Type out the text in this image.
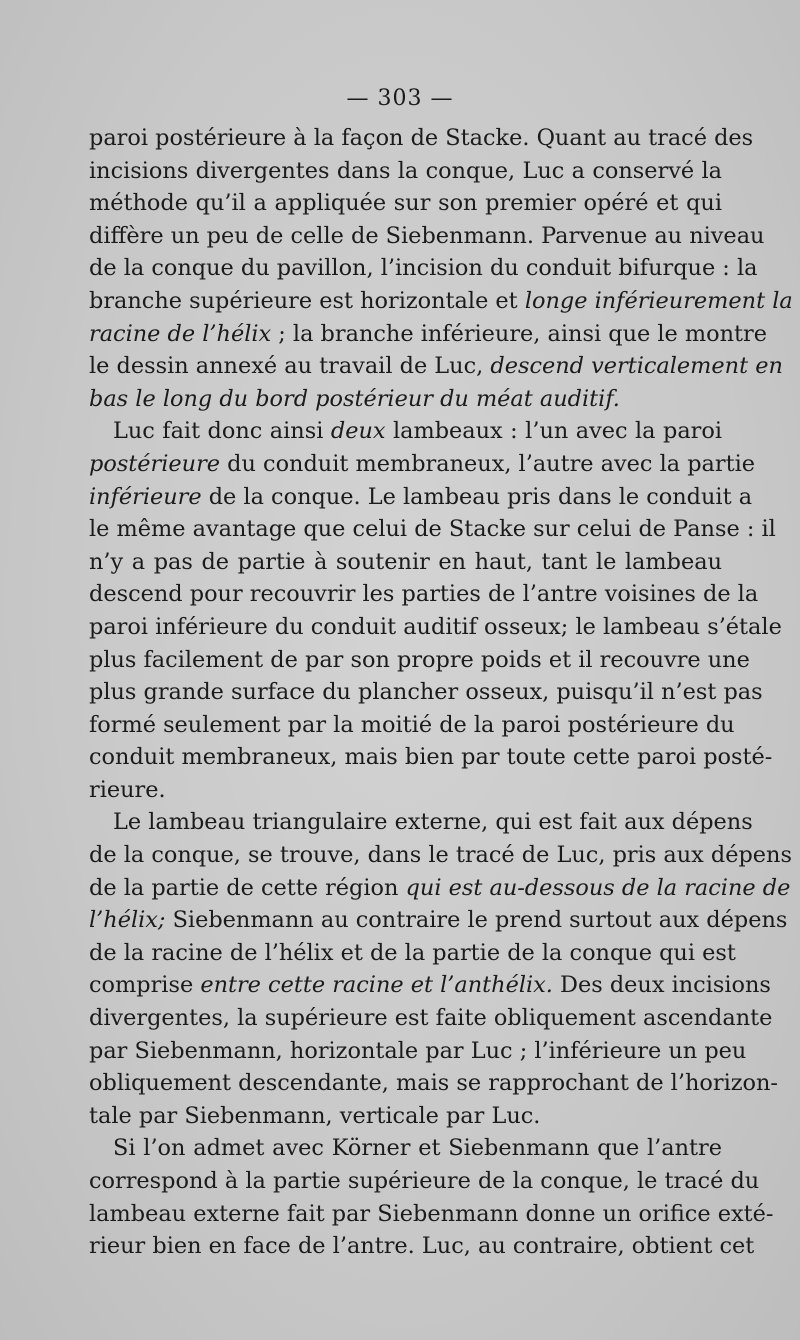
— 303 —
paroi postérieure à la façon de Stacke. Quant au tracé des
incisions divergentes dans la conque, Luc a conservé la
méthode qu’il a appliquée sur son premier opéré et qui
diffère un peu de celle de Siebenmann. Parvenue au niveau
de la conque du pavillon, l’incision du conduit bifurque : la
branche supérieure est horizontale et longe inférieurement la
racine de l’hélix ; la branche inférieure, ainsi que le montre
le dessin annexé au travail de Luc, descend verticalement en
bas le long du bord postérieur du méat auditif.
Luc fait donc ainsi deux lambeaux : l’un avec la paroi
postérieure du conduit membraneux, l’autre avec la partie
inférieure de la conque. Le lambeau pris dans le conduit a
le même avantage que celui de Stacke sur celui de Panse : il
n’y a pas de partie à soutenir en haut, tant le lambeau
descend pour recouvrir les parties de l’antre voisines de la
paroi inférieure du conduit auditif osseux; le lambeau s’étale
plus facilement de par son propre poids et il recouvre une
plus grande surface du plancher osseux, puisqu’il n’est pas
formé seulement par la moitié de la paroi postérieure du
conduit membraneux, mais bien par toute cette paroi posté-
rieure.
Le lambeau triangulaire externe, qui est fait aux dépens
de la conque, se trouve, dans le tracé de Luc, pris aux dépens
de la partie de cette région qui est au-dessous de la racine de
l’hélix; Siebenmann au contraire le prend surtout aux dépens
de la racine de l’hélix et de la partie de la conque qui est
comprise entre cette racine et l’anthélix. Des deux incisions
divergentes, la supérieure est faite obliquement ascendante
par Siebenmann, horizontale par Luc ; l’inférieure un peu
obliquement descendante, mais se rapprochant de l’horizon-
tale par Siebenmann, verticale par Luc.
Si l’on admet avec Körner et Siebenmann que l’antre
correspond à la partie supérieure de la conque, le tracé du
lambeau externe fait par Siebenmann donne un orifice exté-
rieur bien en face de l’antre. Luc, au contraire, obtient cet
